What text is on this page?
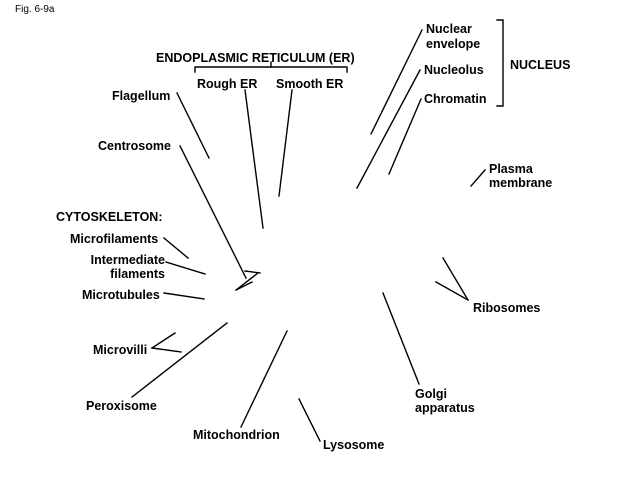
Fig. 6-9a
ENDOPLASMIC RETICULUM (ER)
Rough ER Smooth ER
Nuclear
envelope
Nucleolus
Chromatin
NUCLEUS
Flagellum
Centrosome
Plasma
membrane
CYTOSKELETON:
Microfilaments
Intermediate
filaments
Microtubules
Ribosomes
Microvilli
Golgi
apparatus
Peroxisome
Mitochondrion
Lysosome
